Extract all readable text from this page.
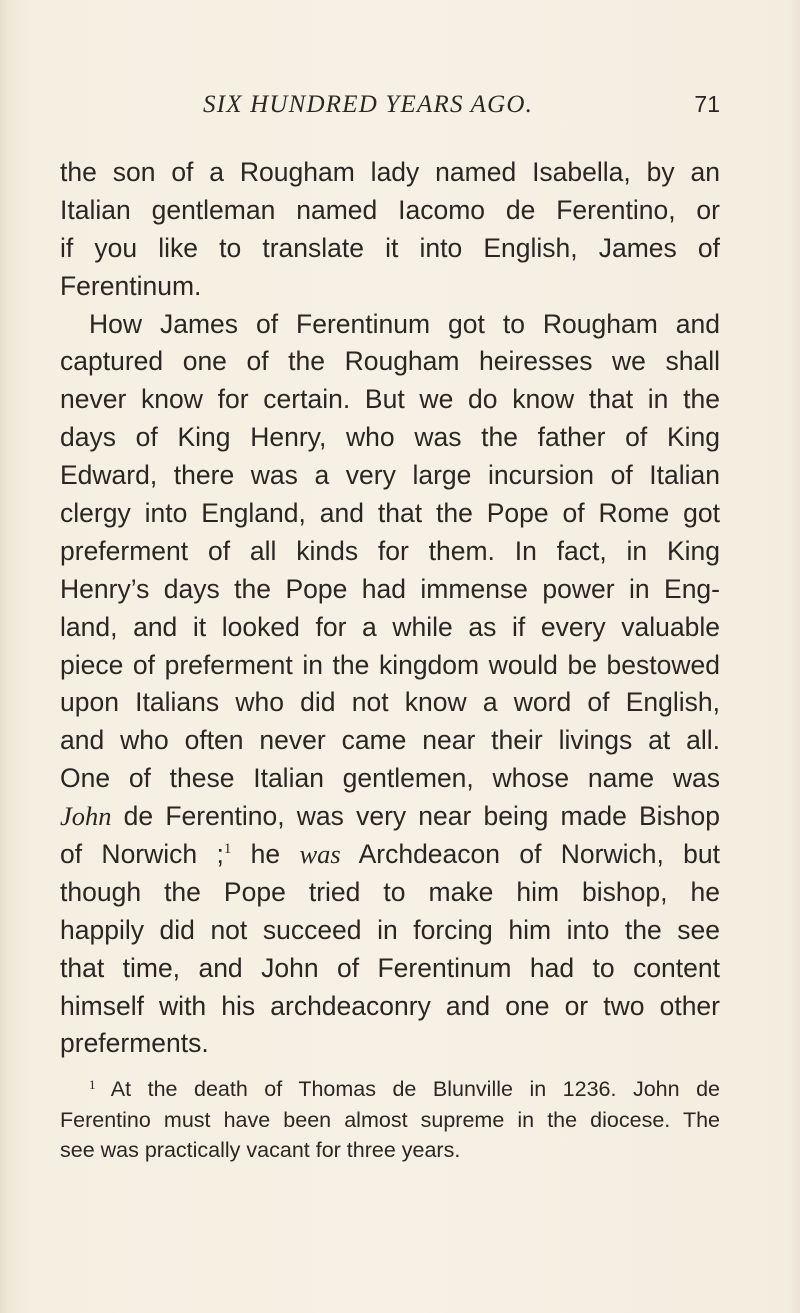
SIX HUNDRED YEARS AGO.	71
the son of a Rougham lady named Isabella, by an
Italian gentleman named Iacomo de Ferentino, or
if you like to translate it into English, James of
Ferentinum.
How James of Ferentinum got to Rougham and
captured one of the Rougham heiresses we shall
never know for certain. But we do know that in the
days of King Henry, who was the father of King
Edward, there was a very large incursion of Italian
clergy into England, and that the Pope of Rome got
preferment of all kinds for them. In fact, in King
Henry’s days the Pope had immense power in Eng-
land, and it looked for a while as if every valuable
piece of preferment in the kingdom would be bestowed
upon Italians who did not know a word of English,
and who often never came near their livings at all.
One of these Italian gentlemen, whose name was
John de Ferentino, was very near being made Bishop
of Norwich ;$^1$ he was Archdeacon of Norwich, but
though the Pope tried to make him bishop, he
happily did not succeed in forcing him into the see
that time, and John of Ferentinum had to content
himself with his archdeaconry and one or two other
preferments.
$^1$ At the death of Thomas de Blunville in 1236. John de
Ferentino must have been almost supreme in the diocese. The
see was practically vacant for three years.
